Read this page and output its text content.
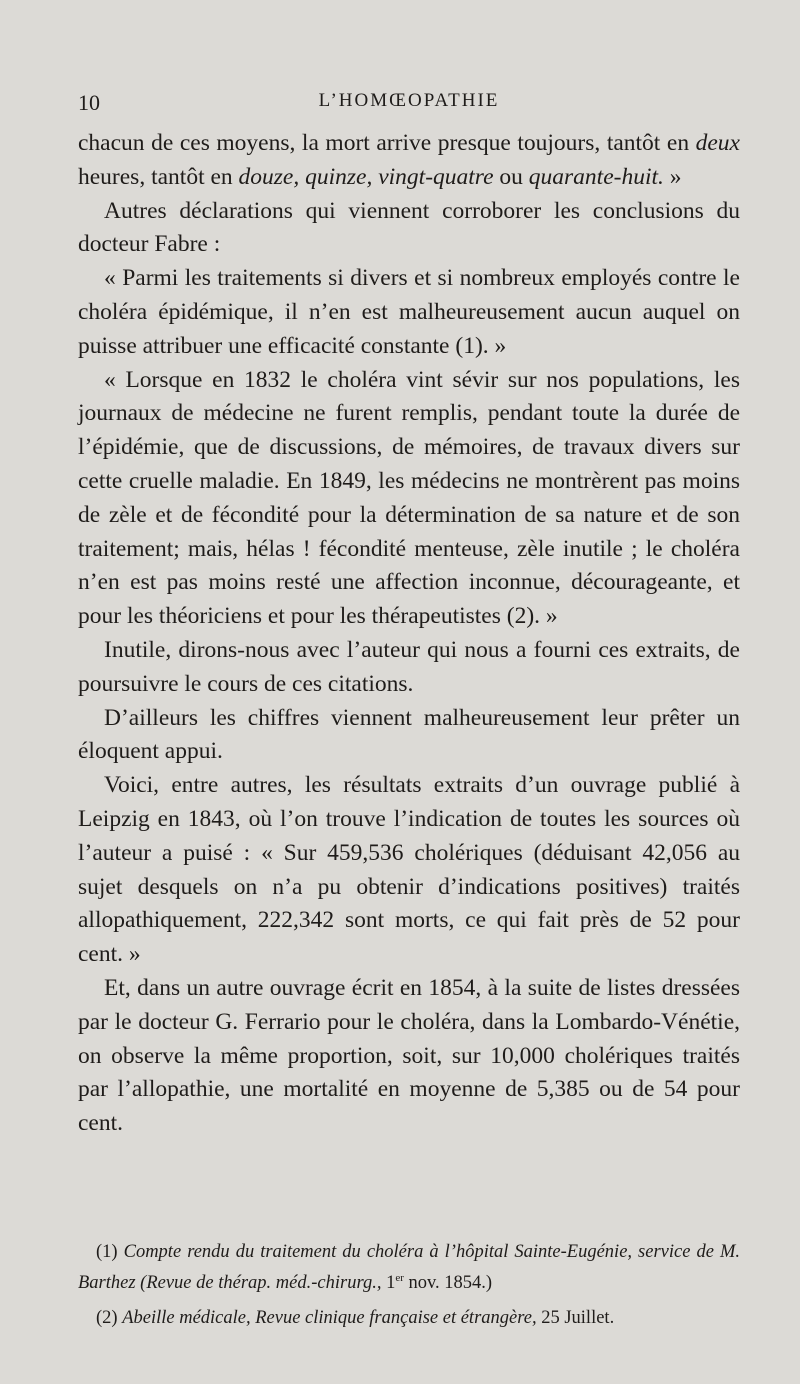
10	L’HOMŒOPATHIE

chacun de ces moyens, la mort arrive presque toujours, tantôt en deux heures, tantôt en douze, quinze, vingt-quatre ou quarante-huit. »

Autres déclarations qui viennent corroborer les conclusions du docteur Fabre :

« Parmi les traitements si divers et si nombreux employés contre le choléra épidémique, il n’en est malheureusement aucun auquel on puisse attribuer une efficacité constante (1). »

« Lorsque en 1832 le choléra vint sévir sur nos populations, les journaux de médecine ne furent remplis, pendant toute la durée de l’épidémie, que de discussions, de mémoires, de travaux divers sur cette cruelle maladie. En 1849, les médecins ne montrèrent pas moins de zèle et de fécondité pour la détermination de sa nature et de son traitement; mais, hélas ! fécondité menteuse, zèle inutile ; le choléra n’en est pas moins resté une affection inconnue, décourageante, et pour les théoriciens et pour les thérapeutistes (2). »

Inutile, dirons-nous avec l’auteur qui nous a fourni ces extraits, de poursuivre le cours de ces citations.

D’ailleurs les chiffres viennent malheureusement leur prêter un éloquent appui.

Voici, entre autres, les résultats extraits d’un ouvrage publié à Leipzig en 1843, où l’on trouve l’indication de toutes les sources où l’auteur a puisé : « Sur 459,536 cholériques (déduisant 42,056 au sujet desquels on n’a pu obtenir d’indications positives) traités allopathiquement, 222,342 sont morts, ce qui fait près de 52 pour cent. »

Et, dans un autre ouvrage écrit en 1854, à la suite de listes dressées par le docteur G. Ferrario pour le choléra, dans la Lombardo-Vénétie, on observe la même proportion, soit, sur 10,000 cholériques traités par l’allopathie, une mortalité en moyenne de 5,385 ou de 54 pour cent.

(1) Compte rendu du traitement du choléra à l’hôpital Sainte-Eugénie, service de M. Barthez (Revue de thérap. méd.-chirurg., 1er nov. 1854.)

(2) Abeille médicale, Revue clinique française et étrangère, 25 Juillet.
